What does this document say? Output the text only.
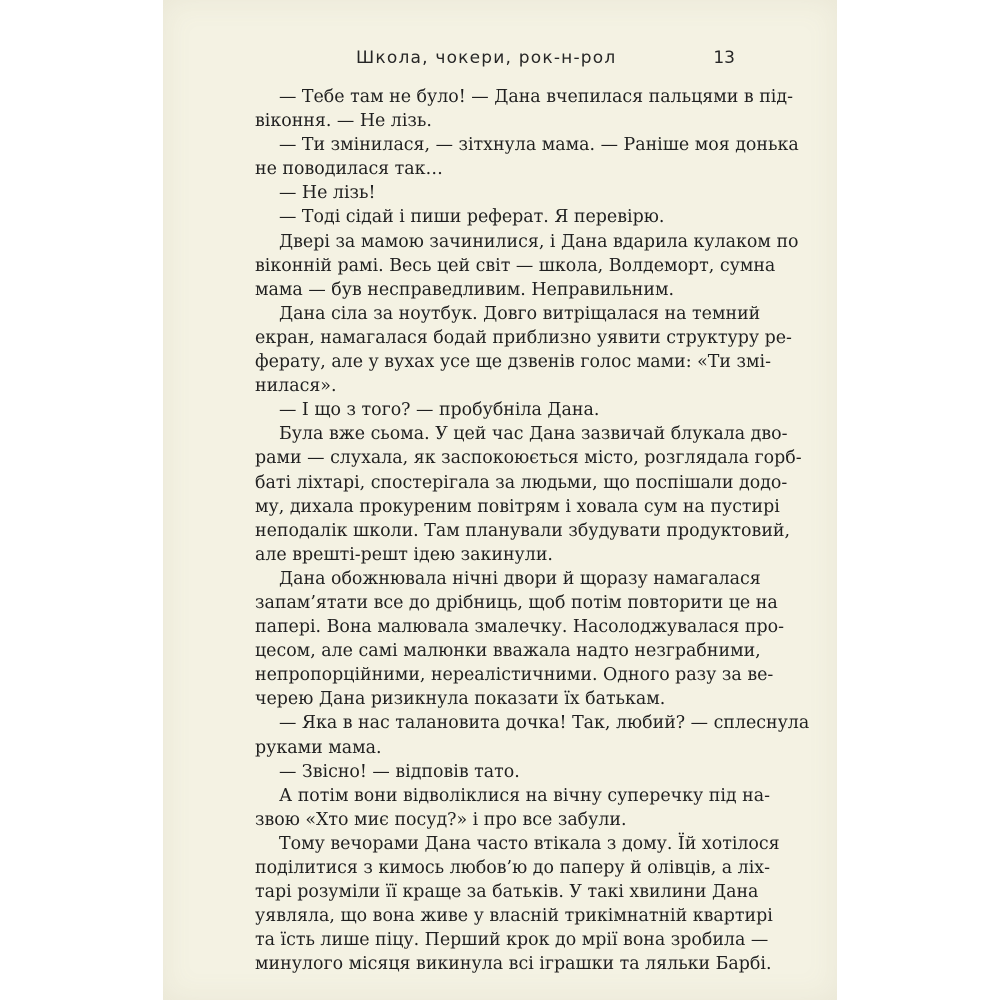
Школа, чокери, рок-н-рол	13

— Тебе там не було! — Дана вчепилася пальцями в під-
віконня. — Не лізь.

— Ти змінилася, — зітхнула мама. — Раніше моя донька
не поводилася так…

— Не лізь!

— Тоді сідай і пиши реферат. Я перевірю.

Двері за мамою зачинилися, і Дана вдарила кулаком по
віконній рамі. Весь цей світ — школа, Волдеморт, сумна
мама — був несправедливим. Неправильним.

Дана сіла за ноутбук. Довго витріщалася на темний
екран, намагалася бодай приблизно уявити структуру ре-
ферату, але у вухах усе ще дзвенів голос мами: «Ти змі-
нилася».

— І що з того? — пробубніла Дана.

Була вже сьома. У цей час Дана зазвичай блукала дво-
рами — слухала, як заспокоюється місто, розглядала горб-
баті ліхтарі, спостерігала за людьми, що поспішали додо-
му, дихала прокуреним повітрям і ховала сум на пустирі
неподалік школи. Там планували збудувати продуктовий,
але врешті-решт ідею закинули.

Дана обожнювала нічні двори й щоразу намагалася
запам’ятати все до дрібниць, щоб потім повторити це на
папері. Вона малювала змалечку. Насолоджувалася про-
цесом, але самі малюнки вважала надто незграбними,
непропорційними, нереалістичними. Одного разу за ве-
черею Дана ризикнула показати їх батькам.

— Яка в нас талановита дочка! Так, любий? — сплеснула
руками мама.

— Звісно! — відповів тато.

А потім вони відволіклися на вічну суперечку під на-
звою «Хто миє посуд?» і про все забули.

Тому вечорами Дана часто втікала з дому. Їй хотілося
поділитися з кимось любов’ю до паперу й олівців, а ліх-
тарі розуміли її краще за батьків. У такі хвилини Дана
уявляла, що вона живе у власній трикімнатній квартирі
та їсть лише піцу. Перший крок до мрії вона зробила —
минулого місяця викинула всі іграшки та ляльки Барбі.
